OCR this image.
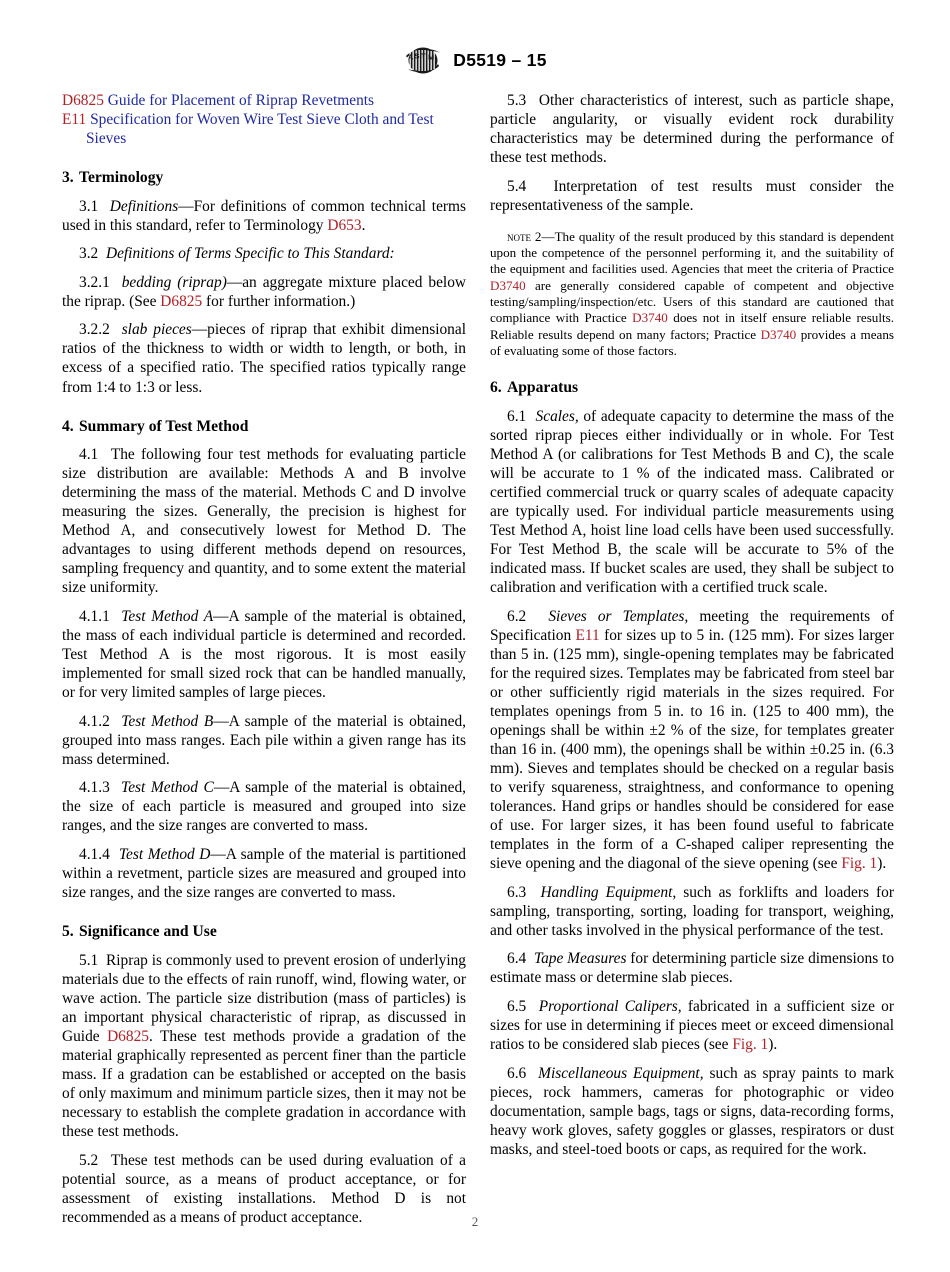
A S T M D5519 – 15

D6825 Guide for Placement of Riprap Revetments

E11 Specification for Woven Wire Test Sieve Cloth and Test Sieves

3. Terminology

3.1 Definitions—For definitions of common technical terms used in this standard, refer to Terminology D653.

3.2 Definitions of Terms Specific to This Standard:

3.2.1 bedding (riprap)—an aggregate mixture placed below the riprap. (See D6825 for further information.)

3.2.2 slab pieces—pieces of riprap that exhibit dimensional ratios of the thickness to width or width to length, or both, in excess of a specified ratio. The specified ratios typically range from 1:4 to 1:3 or less.

4. Summary of Test Method

4.1 The following four test methods for evaluating particle size distribution are available: Methods A and B involve determining the mass of the material. Methods C and D involve measuring the sizes. Generally, the precision is highest for Method A, and consecutively lowest for Method D. The advantages to using different methods depend on resources, sampling frequency and quantity, and to some extent the material size uniformity.

4.1.1 Test Method A—A sample of the material is obtained, the mass of each individual particle is determined and recorded. Test Method A is the most rigorous. It is most easily implemented for small sized rock that can be handled manually, or for very limited samples of large pieces.

4.1.2 Test Method B—A sample of the material is obtained, grouped into mass ranges. Each pile within a given range has its mass determined.

4.1.3 Test Method C—A sample of the material is obtained, the size of each particle is measured and grouped into size ranges, and the size ranges are converted to mass.

4.1.4 Test Method D—A sample of the material is partitioned within a revetment, particle sizes are measured and grouped into size ranges, and the size ranges are converted to mass.

5. Significance and Use

5.1 Riprap is commonly used to prevent erosion of underlying materials due to the effects of rain runoff, wind, flowing water, or wave action. The particle size distribution (mass of particles) is an important physical characteristic of riprap, as discussed in Guide D6825. These test methods provide a gradation of the material graphically represented as percent finer than the particle mass. If a gradation can be established or accepted on the basis of only maximum and minimum particle sizes, then it may not be necessary to establish the complete gradation in accordance with these test methods.

5.2 These test methods can be used during evaluation of a potential source, as a means of product acceptance, or for assessment of existing installations. Method D is not recommended as a means of product acceptance.

5.3 Other characteristics of interest, such as particle shape, particle angularity, or visually evident rock durability characteristics may be determined during the performance of these test methods.

5.4 Interpretation of test results must consider the representativeness of the sample.

note 2—The quality of the result produced by this standard is dependent upon the competence of the personnel performing it, and the suitability of the equipment and facilities used. Agencies that meet the criteria of Practice D3740 are generally considered capable of competent and objective testing/sampling/inspection/etc. Users of this standard are cautioned that compliance with Practice D3740 does not in itself ensure reliable results. Reliable results depend on many factors; Practice D3740 provides a means of evaluating some of those factors.

6. Apparatus

6.1 Scales, of adequate capacity to determine the mass of the sorted riprap pieces either individually or in whole. For Test Method A (or calibrations for Test Methods B and C), the scale will be accurate to 1 % of the indicated mass. Calibrated or certified commercial truck or quarry scales of adequate capacity are typically used. For individual particle measurements using Test Method A, hoist line load cells have been used successfully. For Test Method B, the scale will be accurate to 5% of the indicated mass. If bucket scales are used, they shall be subject to calibration and verification with a certified truck scale.

6.2 Sieves or Templates, meeting the requirements of Specification E11 for sizes up to 5 in. (125 mm). For sizes larger than 5 in. (125 mm), single-opening templates may be fabricated for the required sizes. Templates may be fabricated from steel bar or other sufficiently rigid materials in the sizes required. For templates openings from 5 in. to 16 in. (125 to 400 mm), the openings shall be within ±2 % of the size, for templates greater than 16 in. (400 mm), the openings shall be within ±0.25 in. (6.3 mm). Sieves and templates should be checked on a regular basis to verify squareness, straightness, and conformance to opening tolerances. Hand grips or handles should be considered for ease of use. For larger sizes, it has been found useful to fabricate templates in the form of a C-shaped caliper representing the sieve opening and the diagonal of the sieve opening (see Fig. 1).

6.3 Handling Equipment, such as forklifts and loaders for sampling, transporting, sorting, loading for transport, weighing, and other tasks involved in the physical performance of the test.

6.4 Tape Measures for determining particle size dimensions to estimate mass or determine slab pieces.

6.5 Proportional Calipers, fabricated in a sufficient size or sizes for use in determining if pieces meet or exceed dimensional ratios to be considered slab pieces (see Fig. 1).

6.6 Miscellaneous Equipment, such as spray paints to mark pieces, rock hammers, cameras for photographic or video documentation, sample bags, tags or signs, data-recording forms, heavy work gloves, safety goggles or glasses, respirators or dust masks, and steel-toed boots or caps, as required for the work.

2
